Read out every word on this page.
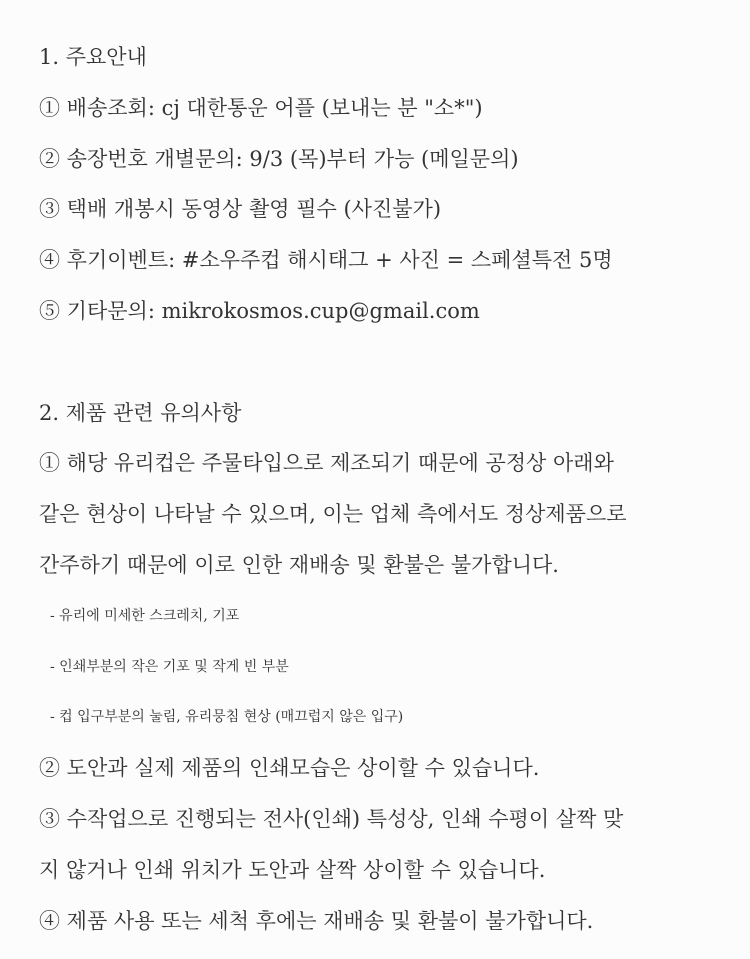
1. 주요안내
① 배송조회: cj 대한통운 어플 (보내는 분 "소*")
② 송장번호 개별문의: 9/3 (목)부터 가능 (메일문의)
③ 택배 개봉시 동영상 촬영 필수 (사진불가)
④ 후기이벤트: #소우주컵 해시태그 + 사진 = 스페셜특전 5명
⑤ 기타문의: mikrokosmos.cup@gmail.com
2. 제품 관련 유의사항
① 해당 유리컵은 주물타입으로 제조되기 때문에 공정상 아래와
같은 현상이 나타날 수 있으며, 이는 업체 측에서도 정상제품으로
간주하기 때문에 이로 인한 재배송 및 환불은 불가합니다.
- 유리에 미세한 스크레치, 기포
- 인쇄부분의 작은 기포 및 작게 빈 부분
- 컵 입구부분의 눌림, 유리뭉침 현상 (매끄럽지 않은 입구)
② 도안과 실제 제품의 인쇄모습은 상이할 수 있습니다.
③ 수작업으로 진행되는 전사(인쇄) 특성상, 인쇄 수평이 살짝 맞
지 않거나 인쇄 위치가 도안과 살짝 상이할 수 있습니다.
④ 제품 사용 또는 세척 후에는 재배송 및 환불이 불가합니다.
